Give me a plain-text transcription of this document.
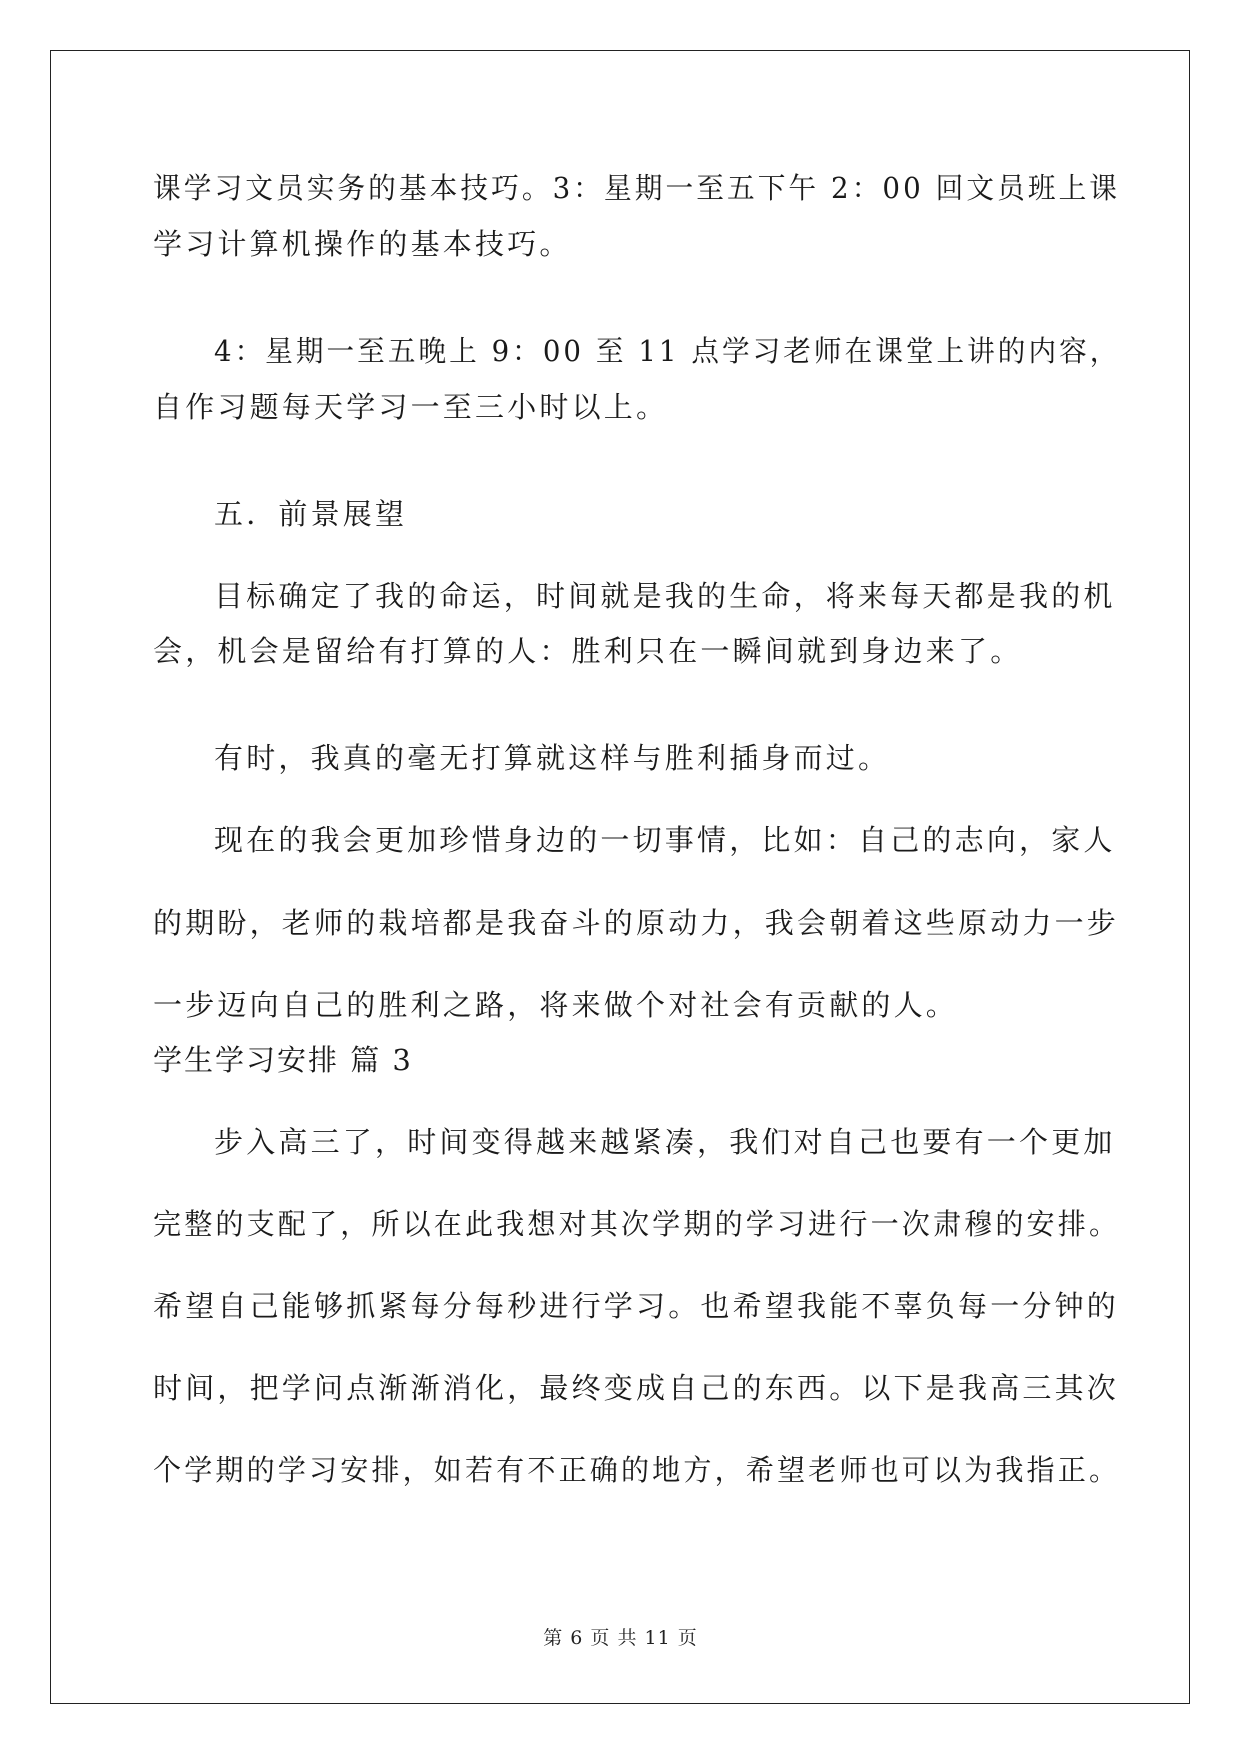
课学习文员实务的基本技巧。3：星期一至五下午 2：00 回文员班上课
学习计算机操作的基本技巧。
4：星期一至五晚上 9：00 至 11 点学习老师在课堂上讲的内容，
自作习题每天学习一至三小时以上。
五．前景展望
目标确定了我的命运，时间就是我的生命，将来每天都是我的机
会，机会是留给有打算的人：胜利只在一瞬间就到身边来了。
有时，我真的毫无打算就这样与胜利插身而过。
现在的我会更加珍惜身边的一切事情，比如：自己的志向，家人
的期盼，老师的栽培都是我奋斗的原动力，我会朝着这些原动力一步
一步迈向自己的胜利之路，将来做个对社会有贡献的人。
学生学习安排 篇 3
步入高三了，时间变得越来越紧凑，我们对自己也要有一个更加
完整的支配了，所以在此我想对其次学期的学习进行一次肃穆的安排。
希望自己能够抓紧每分每秒进行学习。也希望我能不辜负每一分钟的
时间，把学问点渐渐消化，最终变成自己的东西。以下是我高三其次
个学期的学习安排，如若有不正确的地方，希望老师也可以为我指正。
第 6 页 共 11 页
